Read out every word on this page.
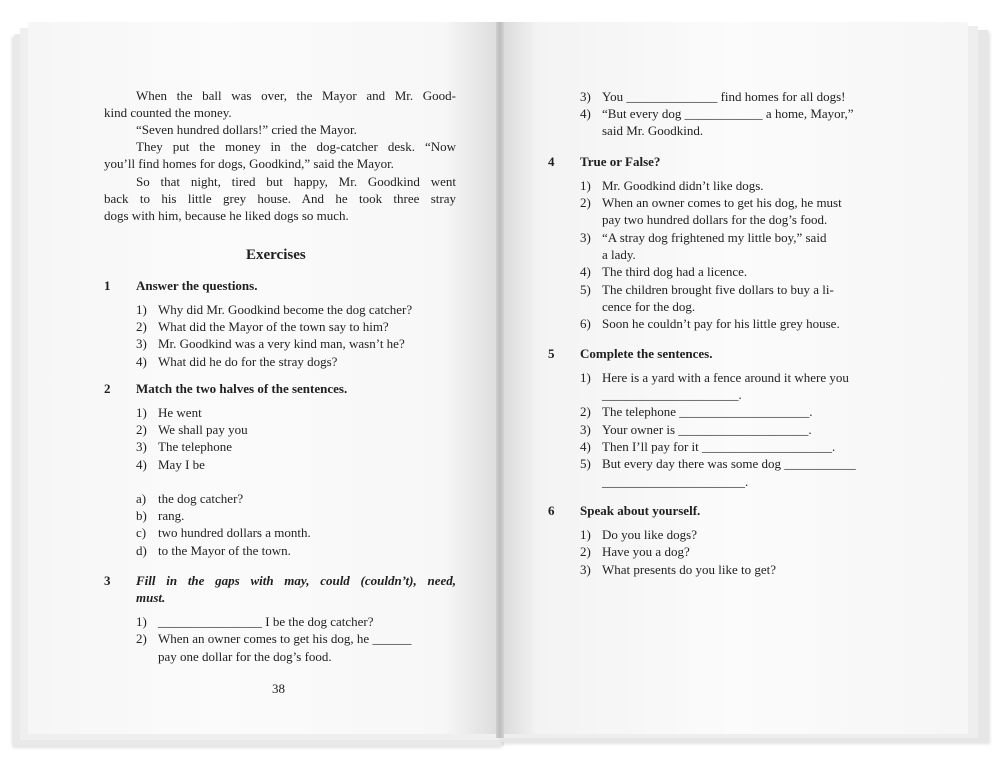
When the ball was over, the Mayor and Mr. Good-
kind counted the money.
“Seven hundred dollars!” cried the Mayor.
They put the money in the dog-catcher desk. “Now
you’ll find homes for dogs, Goodkind,” said the Mayor.
So that night, tired but happy, Mr. Goodkind went
back to his little grey house. And he took three stray
dogs with him, because he liked dogs so much.
Exercises
1 Answer the questions.
1) Why did Mr. Goodkind become the dog catcher?
2) What did the Mayor of the town say to him?
3) Mr. Goodkind was a very kind man, wasn’t he?
4) What did he do for the stray dogs?
2 Match the two halves of the sentences.
1) He went
2) We shall pay you
3) The telephone
4) May I be
a) the dog catcher?
b) rang.
c) two hundred dollars a month.
d) to the Mayor of the town.
3 Fill in the gaps with may, could (couldn’t), need,
must.
1) ________________ I be the dog catcher?
2) When an owner comes to get his dog, he ______
pay one dollar for the dog’s food.
38
3) You ______________ find homes for all dogs!
4) “But every dog ____________ a home, Mayor,”
said Mr. Goodkind.
4 True or False?
1) Mr. Goodkind didn’t like dogs.
2) When an owner comes to get his dog, he must
pay two hundred dollars for the dog’s food.
3) “A stray dog frightened my little boy,” said
a lady.
4) The third dog had a licence.
5) The children brought five dollars to buy a li-
cence for the dog.
6) Soon he couldn’t pay for his little grey house.
5 Complete the sentences.
1) Here is a yard with a fence around it where you
_____________________.
2) The telephone ____________________.
3) Your owner is ____________________.
4) Then I’ll pay for it ____________________.
5) But every day there was some dog ___________
______________________.
6 Speak about yourself.
1) Do you like dogs?
2) Have you a dog?
3) What presents do you like to get?
